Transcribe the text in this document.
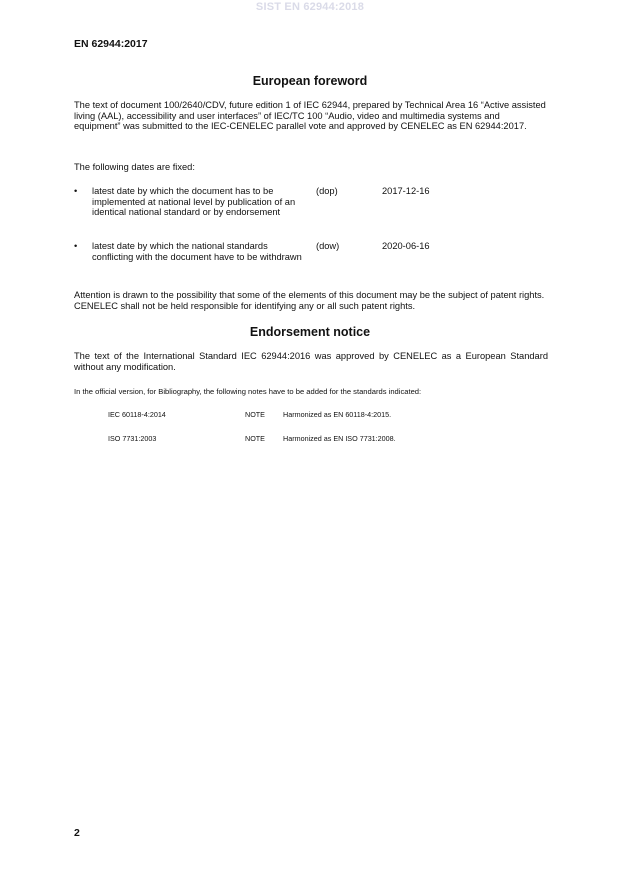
SIST EN 62944:2018
EN 62944:2017
European foreword
The text of document 100/2640/CDV, future edition 1 of IEC 62944, prepared by Technical Area 16 “Active assisted living (AAL), accessibility and user interfaces” of IEC/TC 100 “Audio, video and multimedia systems and equipment” was submitted to the IEC-CENELEC parallel vote and approved by CENELEC as EN 62944:2017.
The following dates are fixed:
• latest date by which the document has to be implemented at national level by publication of an identical national standard or by endorsement
(dop)	2017-12-16
• latest date by which the national standards conflicting with the document have to be withdrawn
(dow)	2020-06-16
Attention is drawn to the possibility that some of the elements of this document may be the subject of patent rights. CENELEC shall not be held responsible for identifying any or all such patent rights.
Endorsement notice
The text of the International Standard IEC 62944:2016 was approved by CENELEC as a European Standard without any modification.
In the official version, for Bibliography, the following notes have to be added for the standards indicated:
IEC 60118-4:2014	NOTE	Harmonized as EN 60118-4:2015.
ISO 7731:2003	NOTE	Harmonized as EN ISO 7731:2008.
2
